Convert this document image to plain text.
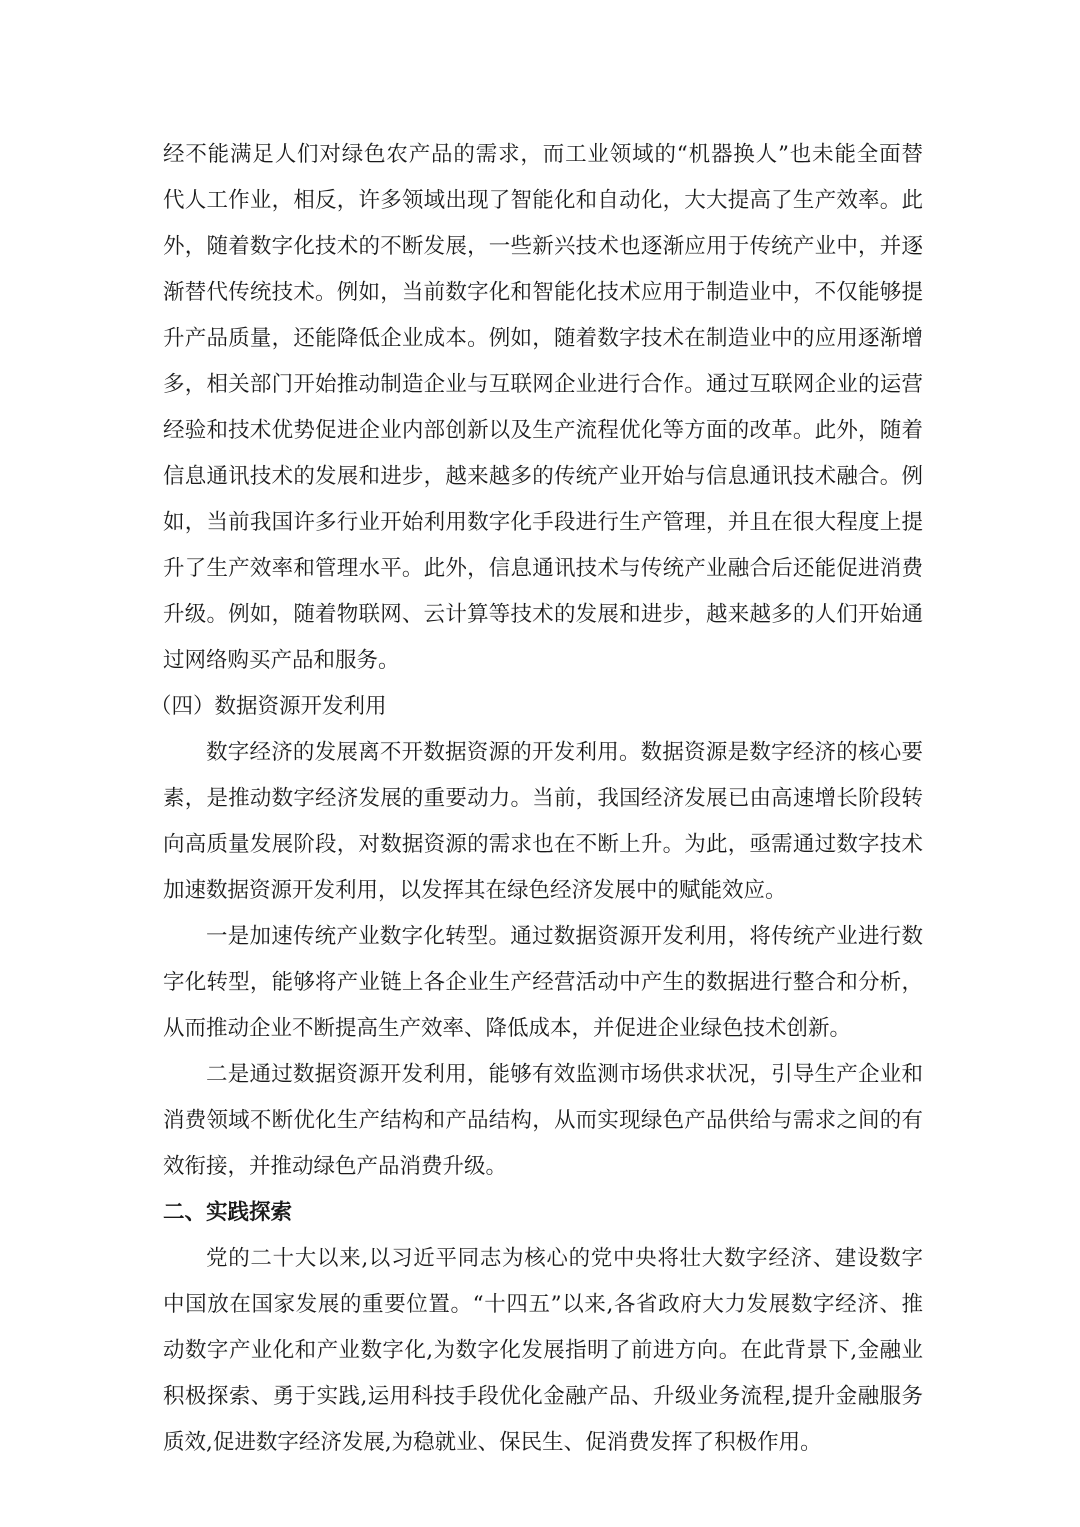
经不能满足人们对绿色农产品的需求，而工业领域的“机器换人”也未能全面替
代人工作业，相反，许多领域出现了智能化和自动化，大大提高了生产效率。此
外，随着数字化技术的不断发展，一些新兴技术也逐渐应用于传统产业中，并逐
渐替代传统技术。例如，当前数字化和智能化技术应用于制造业中，不仅能够提
升产品质量，还能降低企业成本。例如，随着数字技术在制造业中的应用逐渐增
多，相关部门开始推动制造企业与互联网企业进行合作。通过互联网企业的运营
经验和技术优势促进企业内部创新以及生产流程优化等方面的改革。此外，随着
信息通讯技术的发展和进步，越来越多的传统产业开始与信息通讯技术融合。例
如，当前我国许多行业开始利用数字化手段进行生产管理，并且在很大程度上提
升了生产效率和管理水平。此外，信息通讯技术与传统产业融合后还能促进消费
升级。例如，随着物联网、云计算等技术的发展和进步，越来越多的人们开始通
过网络购买产品和服务。
（四）数据资源开发利用
数字经济的发展离不开数据资源的开发利用。数据资源是数字经济的核心要
素，是推动数字经济发展的重要动力。当前，我国经济发展已由高速增长阶段转
向高质量发展阶段，对数据资源的需求也在不断上升。为此，亟需通过数字技术
加速数据资源开发利用，以发挥其在绿色经济发展中的赋能效应。
一是加速传统产业数字化转型。通过数据资源开发利用，将传统产业进行数
字化转型，能够将产业链上各企业生产经营活动中产生的数据进行整合和分析，
从而推动企业不断提高生产效率、降低成本，并促进企业绿色技术创新。
二是通过数据资源开发利用，能够有效监测市场供求状况，引导生产企业和
消费领域不断优化生产结构和产品结构，从而实现绿色产品供给与需求之间的有
效衔接，并推动绿色产品消费升级。
二、实践探索
党的二十大以来,以习近平同志为核心的党中央将壮大数字经济、建设数字
中国放在国家发展的重要位置。“十四五”以来,各省政府大力发展数字经济、推
动数字产业化和产业数字化,为数字化发展指明了前进方向。在此背景下,金融业
积极探索、勇于实践,运用科技手段优化金融产品、升级业务流程,提升金融服务
质效,促进数字经济发展,为稳就业、保民生、促消费发挥了积极作用。
